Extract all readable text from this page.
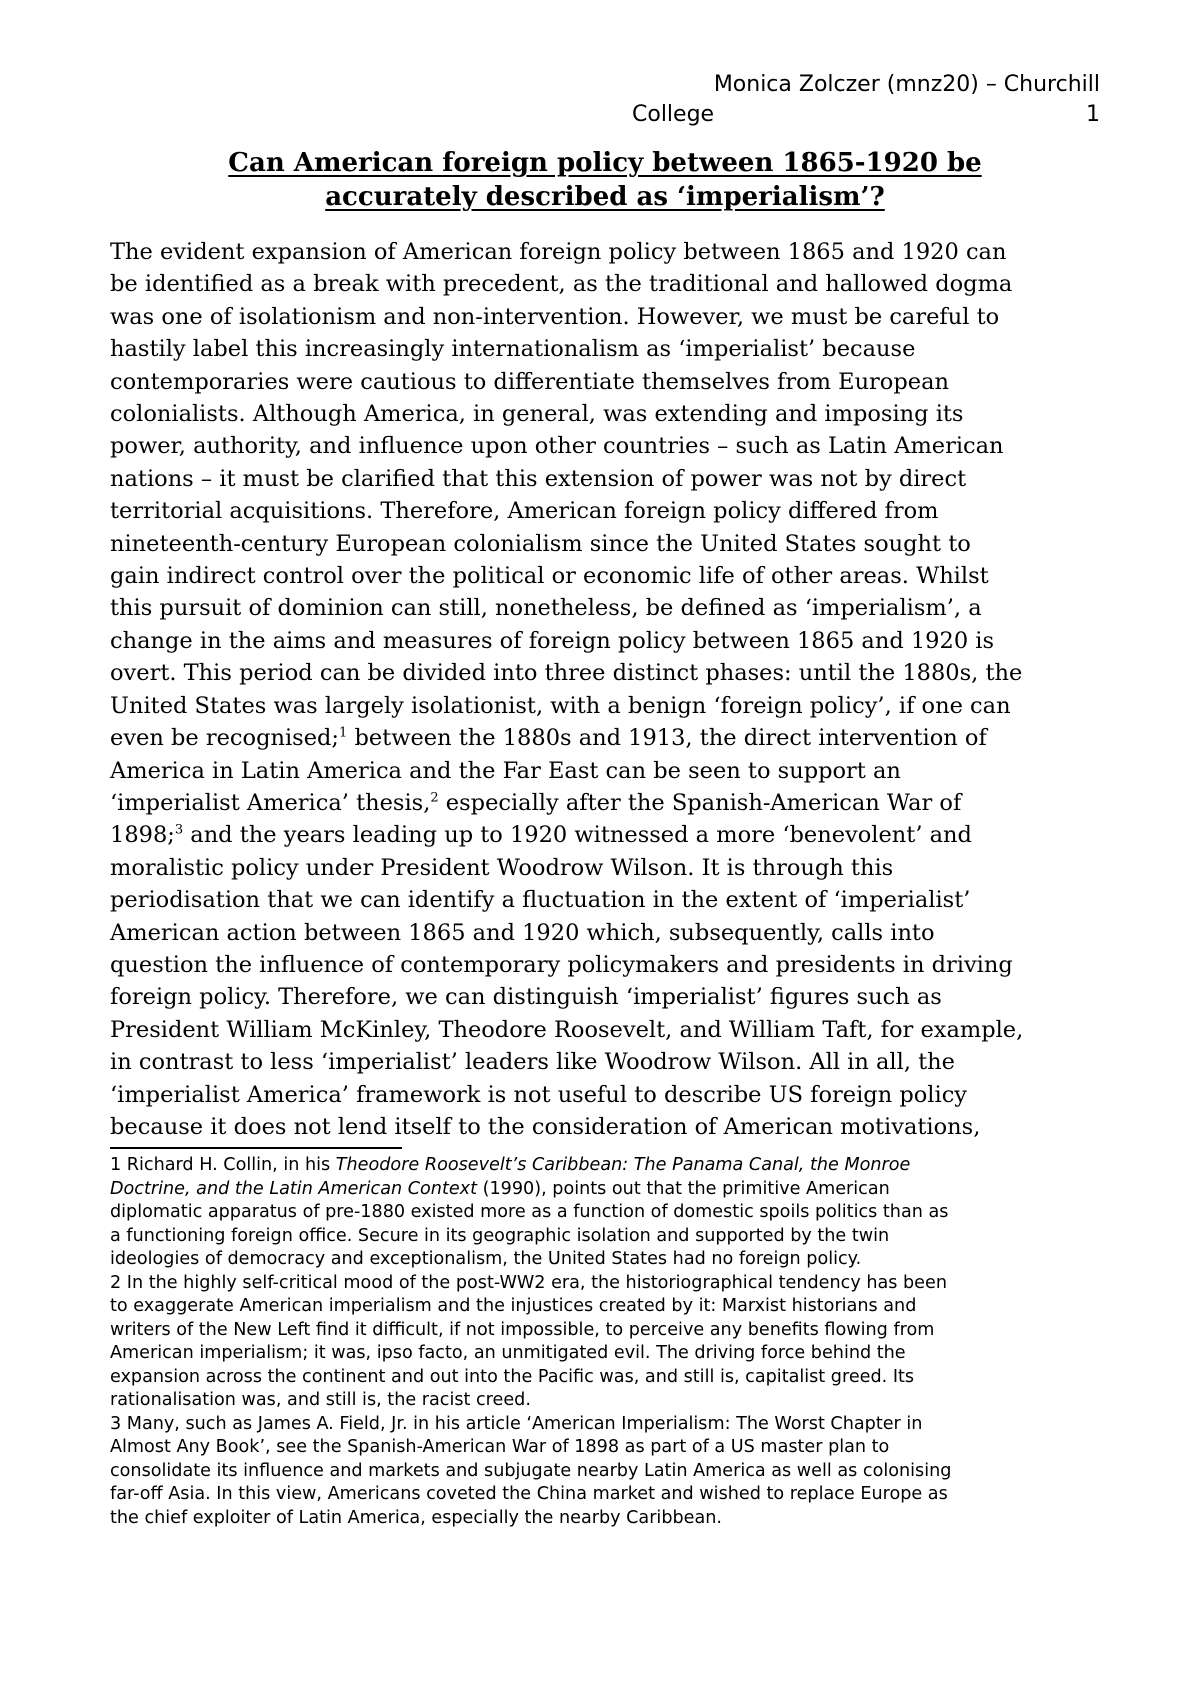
Monica Zolczer (mnz20) – Churchill
College	1
Can American foreign policy between 1865-1920 be
accurately described as ‘imperialism’?
The evident expansion of American foreign policy between 1865 and 1920 can
be identified as a break with precedent, as the traditional and hallowed dogma
was one of isolationism and non-intervention. However, we must be careful to
hastily label this increasingly internationalism as ‘imperialist’ because
contemporaries were cautious to differentiate themselves from European
colonialists. Although America, in general, was extending and imposing its
power, authority, and influence upon other countries – such as Latin American
nations – it must be clarified that this extension of power was not by direct
territorial acquisitions. Therefore, American foreign policy differed from
nineteenth-century European colonialism since the United States sought to
gain indirect control over the political or economic life of other areas. Whilst
this pursuit of dominion can still, nonetheless, be defined as ‘imperialism’, a
change in the aims and measures of foreign policy between 1865 and 1920 is
overt. This period can be divided into three distinct phases: until the 1880s, the
United States was largely isolationist, with a benign ‘foreign policy’, if one can
even be recognised;$^1$ between the 1880s and 1913, the direct intervention of
America in Latin America and the Far East can be seen to support an
‘imperialist America’ thesis,$^2$ especially after the Spanish-American War of
1898;$^3$ and the years leading up to 1920 witnessed a more ‘benevolent’ and
moralistic policy under President Woodrow Wilson. It is through this
periodisation that we can identify a fluctuation in the extent of ‘imperialist’
American action between 1865 and 1920 which, subsequently, calls into
question the influence of contemporary policymakers and presidents in driving
foreign policy. Therefore, we can distinguish ‘imperialist’ figures such as
President William McKinley, Theodore Roosevelt, and William Taft, for example,
in contrast to less ‘imperialist’ leaders like Woodrow Wilson. All in all, the
‘imperialist America’ framework is not useful to describe US foreign policy
because it does not lend itself to the consideration of American motivations,
1 Richard H. Collin, in his Theodore Roosevelt’s Caribbean: The Panama Canal, the Monroe
Doctrine, and the Latin American Context (1990), points out that the primitive American
diplomatic apparatus of pre-1880 existed more as a function of domestic spoils politics than as
a functioning foreign office. Secure in its geographic isolation and supported by the twin
ideologies of democracy and exceptionalism, the United States had no foreign policy.
2 In the highly self-critical mood of the post-WW2 era, the historiographical tendency has been
to exaggerate American imperialism and the injustices created by it: Marxist historians and
writers of the New Left find it difficult, if not impossible, to perceive any benefits flowing from
American imperialism; it was, ipso facto, an unmitigated evil. The driving force behind the
expansion across the continent and out into the Pacific was, and still is, capitalist greed. Its
rationalisation was, and still is, the racist creed.
3 Many, such as James A. Field, Jr. in his article ‘American Imperialism: The Worst Chapter in
Almost Any Book’, see the Spanish-American War of 1898 as part of a US master plan to
consolidate its influence and markets and subjugate nearby Latin America as well as colonising
far-off Asia. In this view, Americans coveted the China market and wished to replace Europe as
the chief exploiter of Latin America, especially the nearby Caribbean.
